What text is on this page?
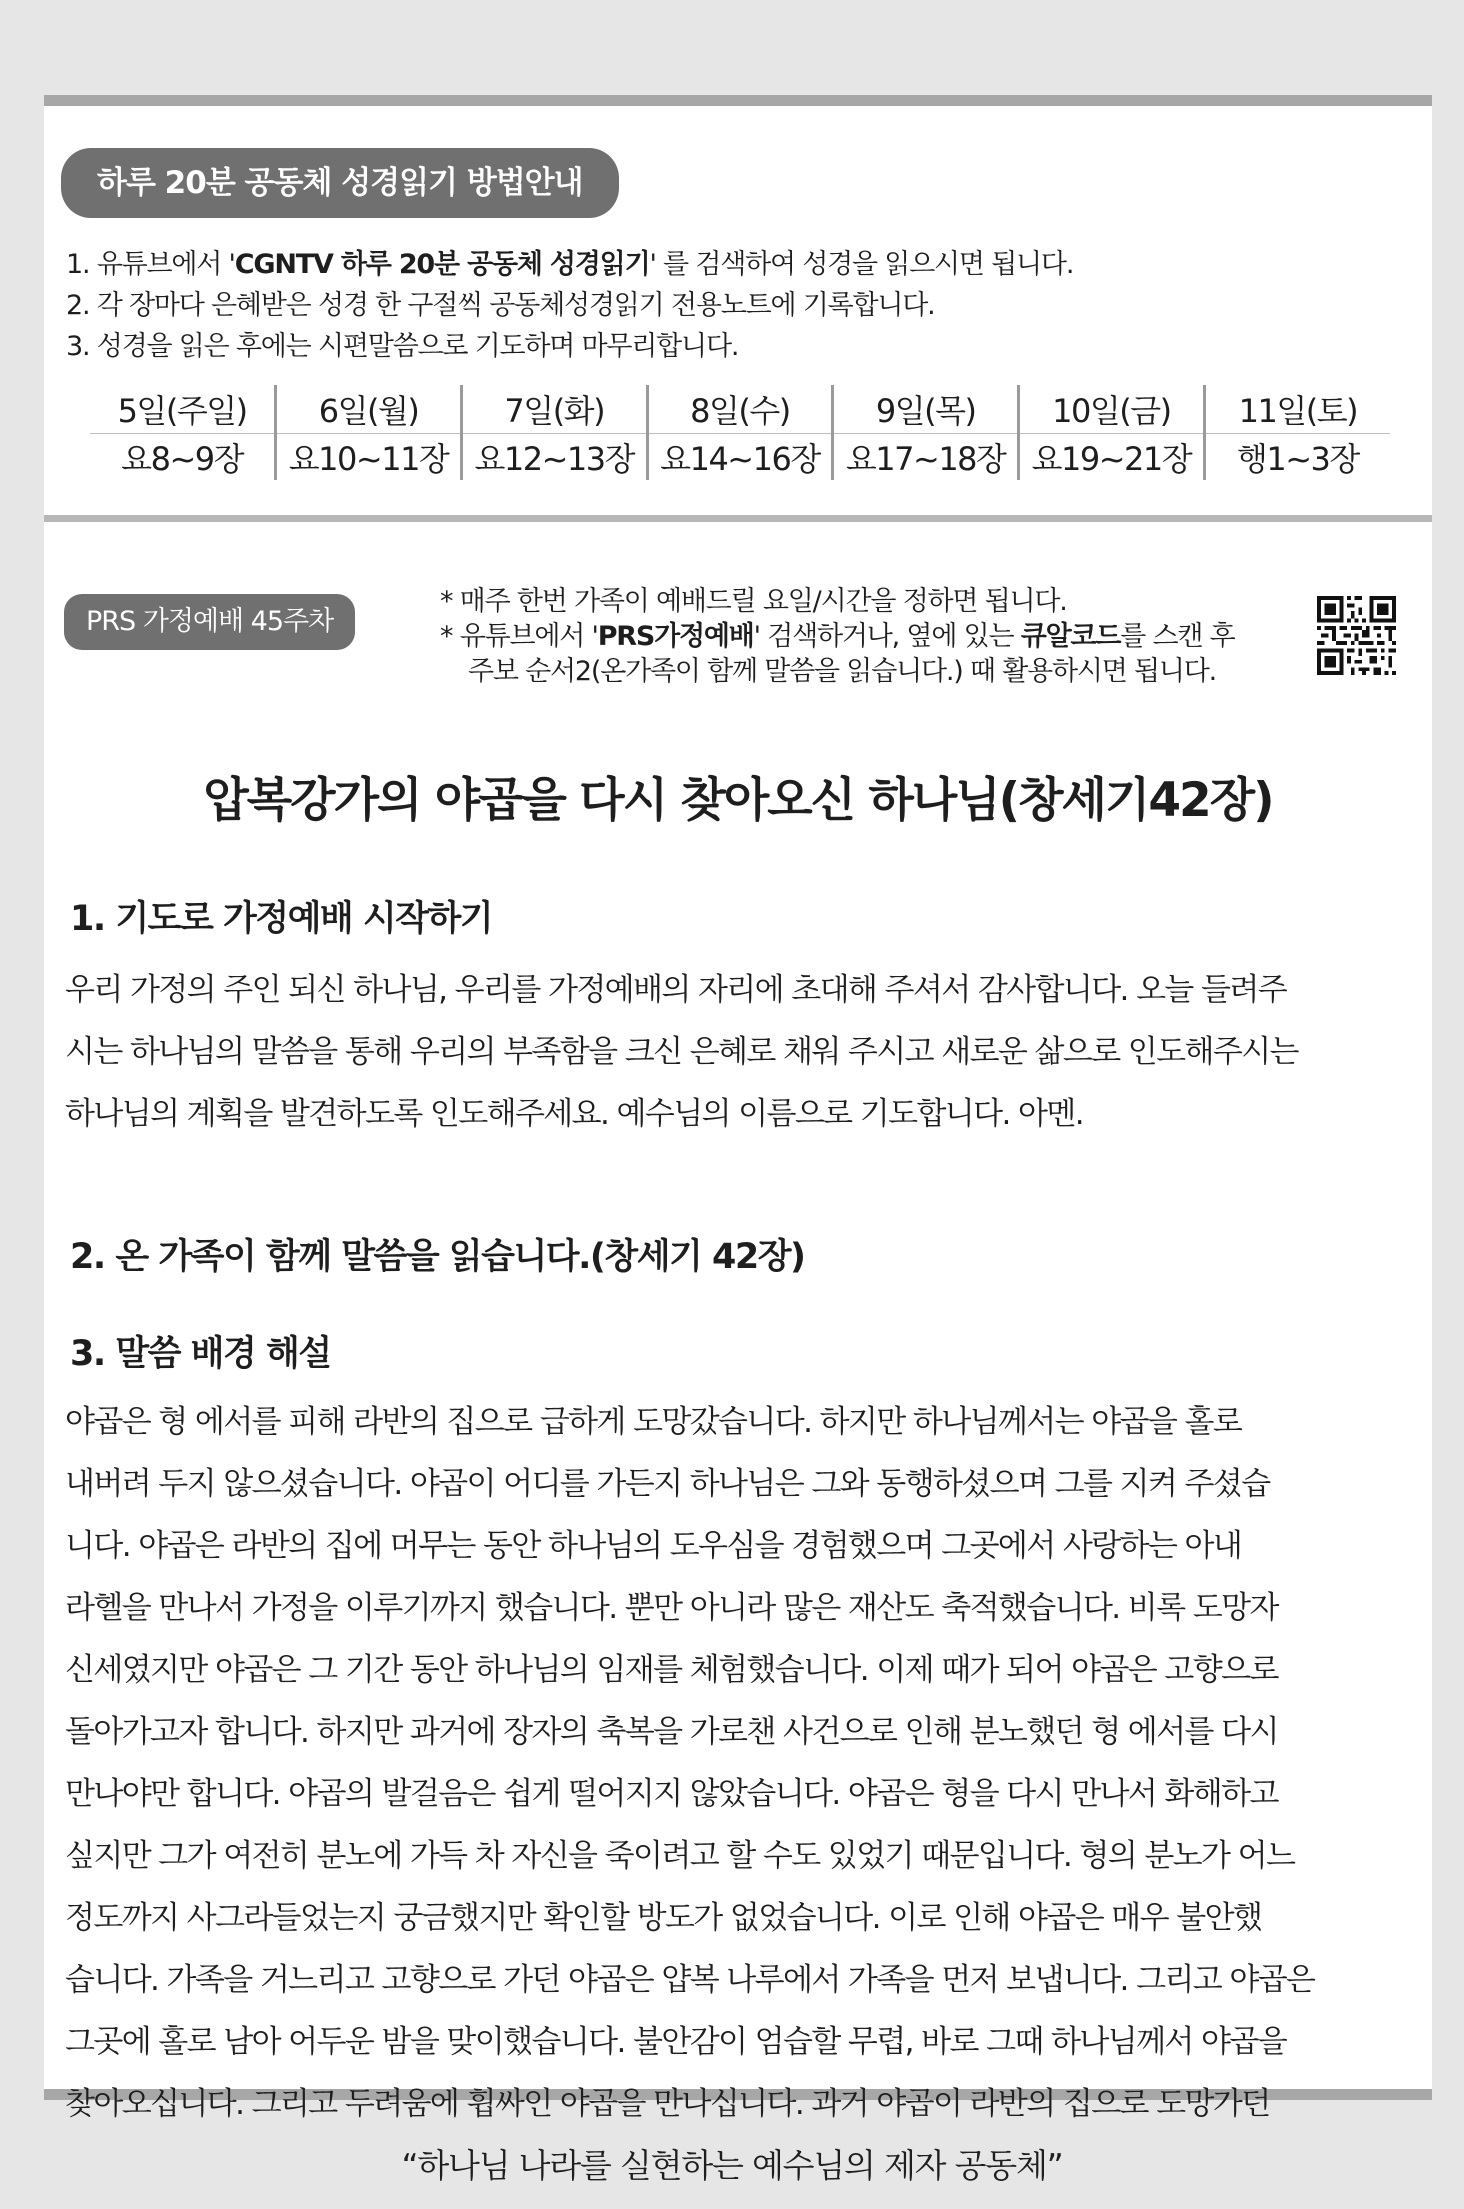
하루 20분 공동체 성경읽기 방법안내
1. 유튜브에서 'CGNTV 하루 20분 공동체 성경읽기' 를 검색하여 성경을 읽으시면 됩니다.
2. 각 장마다 은혜받은 성경 한 구절씩 공동체성경읽기 전용노트에 기록합니다.
3. 성경을 읽은 후에는 시편말씀으로 기도하며 마무리합니다.
5일(주일)	6일(월)	7일(화)	8일(수)	9일(목)	10일(금)	11일(토)
요8~9장	요10~11장	요12~13장	요14~16장	요17~18장	요19~21장	행1~3장
PRS 가정예배 45주차
* 매주 한번 가족이 예배드릴 요일/시간을 정하면 됩니다.
* 유튜브에서 'PRS가정예배' 검색하거나, 옆에 있는 큐알코드를 스캔 후
주보 순서2(온가족이 함께 말씀을 읽습니다.) 때 활용하시면 됩니다.
압복강가의 야곱을 다시 찾아오신 하나님(창세기42장)
1. 기도로 가정예배 시작하기
우리 가정의 주인 되신 하나님, 우리를 가정예배의 자리에 초대해 주셔서 감사합니다. 오늘 들려주
시는 하나님의 말씀을 통해 우리의 부족함을 크신 은혜로 채워 주시고 새로운 삶으로 인도해주시는
하나님의 계획을 발견하도록 인도해주세요. 예수님의 이름으로 기도합니다. 아멘.
2. 온 가족이 함께 말씀을 읽습니다.(창세기 42장)
3. 말씀 배경 해설
야곱은 형 에서를 피해 라반의 집으로 급하게 도망갔습니다. 하지만 하나님께서는 야곱을 홀로
내버려 두지 않으셨습니다. 야곱이 어디를 가든지 하나님은 그와 동행하셨으며 그를 지켜 주셨습
니다. 야곱은 라반의 집에 머무는 동안 하나님의 도우심을 경험했으며 그곳에서 사랑하는 아내
라헬을 만나서 가정을 이루기까지 했습니다. 뿐만 아니라 많은 재산도 축적했습니다. 비록 도망자
신세였지만 야곱은 그 기간 동안 하나님의 임재를 체험했습니다. 이제 때가 되어 야곱은 고향으로
돌아가고자 합니다. 하지만 과거에 장자의 축복을 가로챈 사건으로 인해 분노했던 형 에서를 다시
만나야만 합니다. 야곱의 발걸음은 쉽게 떨어지지 않았습니다. 야곱은 형을 다시 만나서 화해하고
싶지만 그가 여전히 분노에 가득 차 자신을 죽이려고 할 수도 있었기 때문입니다. 형의 분노가 어느
정도까지 사그라들었는지 궁금했지만 확인할 방도가 없었습니다. 이로 인해 야곱은 매우 불안했
습니다. 가족을 거느리고 고향으로 가던 야곱은 얍복 나루에서 가족을 먼저 보냅니다. 그리고 야곱은
그곳에 홀로 남아 어두운 밤을 맞이했습니다. 불안감이 엄습할 무렵, 바로 그때 하나님께서 야곱을
찾아오십니다. 그리고 두려움에 휩싸인 야곱을 만나십니다. 과거 야곱이 라반의 집으로 도망가던
“하나님 나라를 실현하는 예수님의 제자 공동체”
